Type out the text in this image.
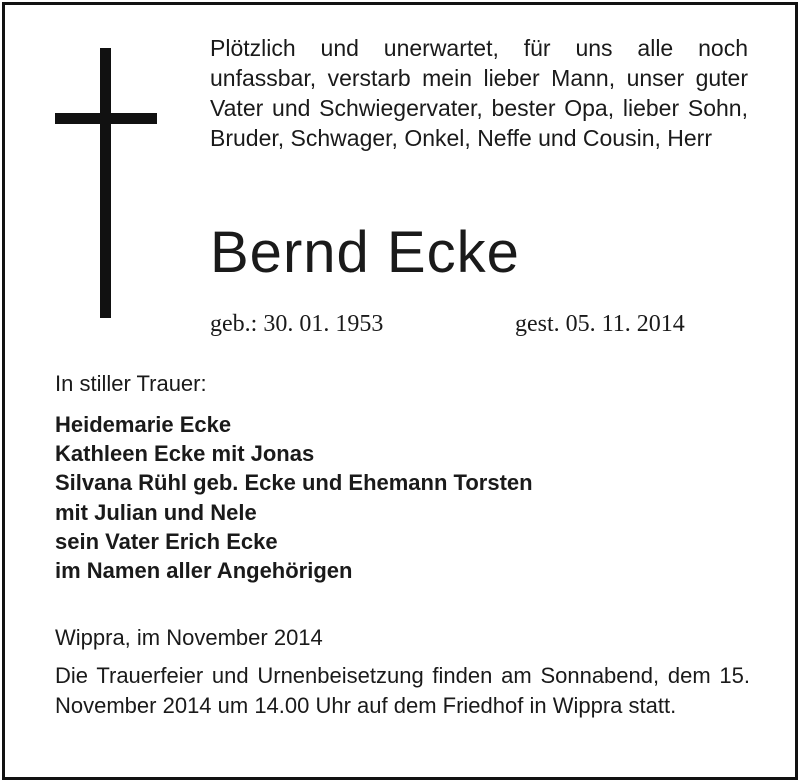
Plötzlich und unerwartet, für uns alle noch unfassbar, verstarb mein lieber Mann, unser guter Vater und Schwiegervater, bester Opa, lieber Sohn, Bruder, Schwager, Onkel, Neffe und Cousin, Herr
Bernd Ecke
geb.: 30. 01. 1953	gest. 05. 11. 2014
In stiller Trauer:
Heidemarie Ecke
Kathleen Ecke mit Jonas
Silvana Rühl geb. Ecke und Ehemann Torsten
mit Julian und Nele
sein Vater Erich Ecke
im Namen aller Angehörigen
Wippra, im November 2014
Die Trauerfeier und Urnenbeisetzung finden am Sonnabend, dem 15. November 2014 um 14.00 Uhr auf dem Friedhof in Wippra statt.
